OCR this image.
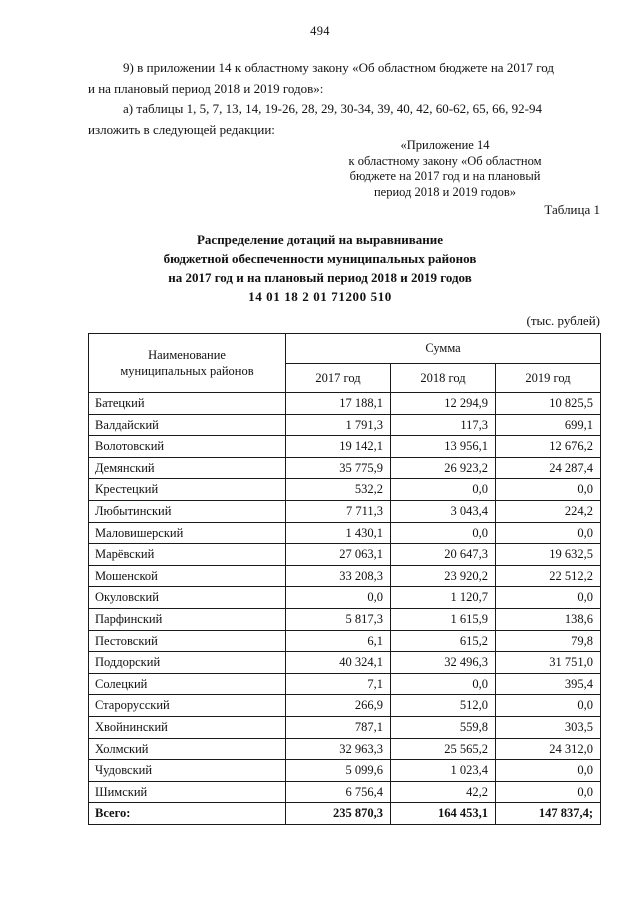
494

9) в приложении 14 к областному закону «Об областном бюджете на 2017 год и на плановый период 2018 и 2019 годов»:

а) таблицы 1, 5, 7, 13, 14, 19-26, 28, 29, 30-34, 39, 40, 42, 60-62, 65, 66, 92-94 изложить в следующей редакции:

«Приложение 14
к областному закону «Об областном
бюджете на 2017 год и на плановый
период 2018 и 2019 годов»
Таблица 1
Распределение дотаций на выравнивание
бюджетной обеспеченности муниципальных районов
на 2017 год и на плановый период 2018 и 2019 годов
14 01 18 2 01 71200 510
(тыс. рублей)
Наименование
муниципальных районов	Сумма		
	2017 год	2018 год	2019 год
Батецкий	17 188,1	12 294,9	10 825,5
Валдайский	1 791,3	117,3	699,1
Волотовский	19 142,1	13 956,1	12 676,2
Демянский	35 775,9	26 923,2	24 287,4
Крестецкий	532,2	0,0	0,0
Любытинский	7 711,3	3 043,4	224,2
Маловишерский	1 430,1	0,0	0,0
Марёвский	27 063,1	20 647,3	19 632,5
Мошенской	33 208,3	23 920,2	22 512,2
Окуловский	0,0	1 120,7	0,0
Парфинский	5 817,3	1 615,9	138,6
Пестовский	6,1	615,2	79,8
Поддорский	40 324,1	32 496,3	31 751,0
Солецкий	7,1	0,0	395,4
Старорусский	266,9	512,0	0,0
Хвойнинский	787,1	559,8	303,5
Холмский	32 963,3	25 565,2	24 312,0
Чудовский	5 099,6	1 023,4	0,0
Шимский	6 756,4	42,2	0,0
Всего:	235 870,3	164 453,1	147 837,4;
